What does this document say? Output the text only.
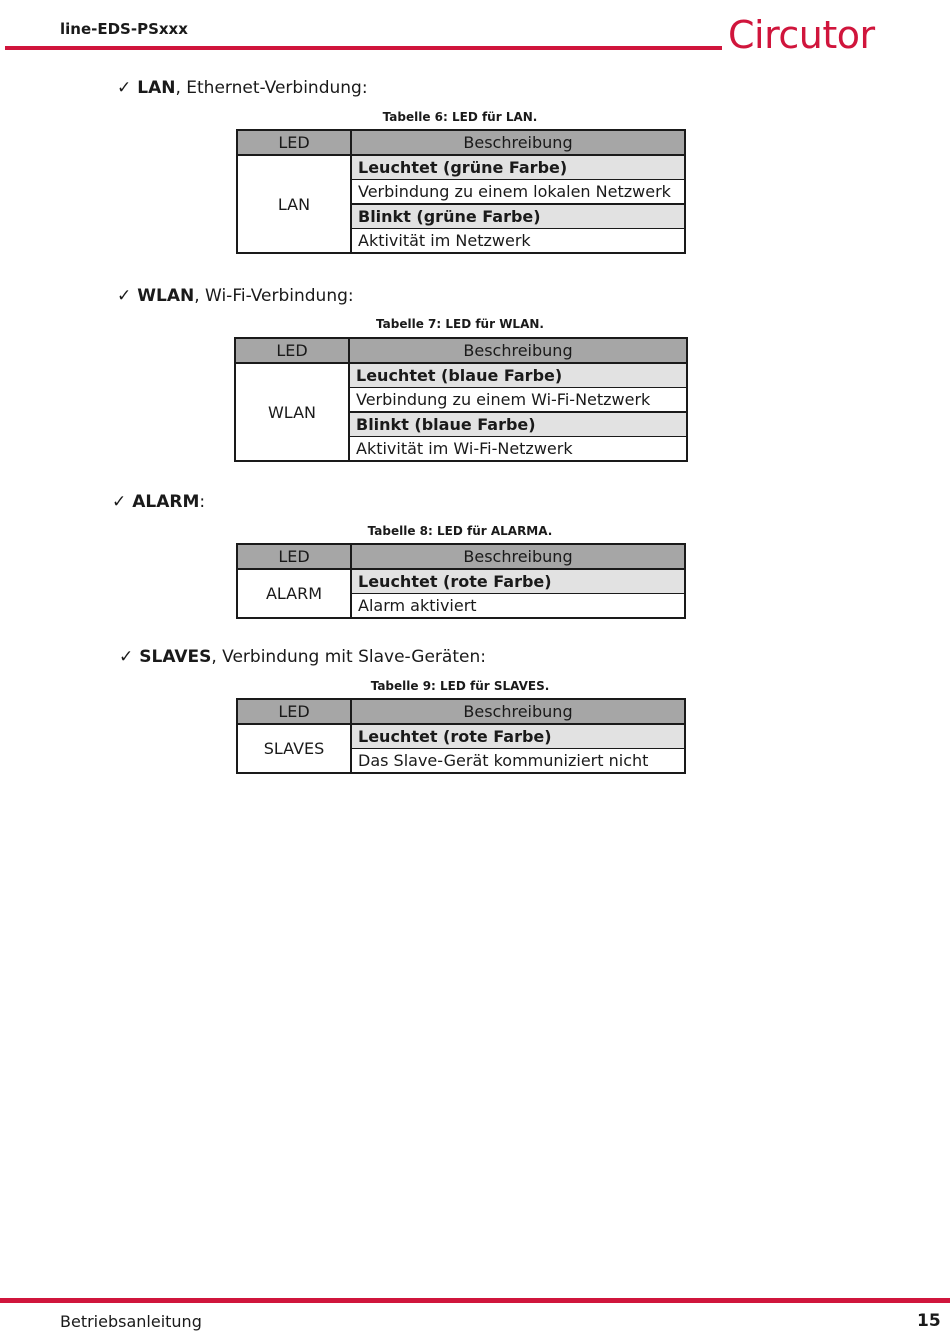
line-EDS-PSxxx	Circutor
✓ LAN, Ethernet-Verbindung:
Tabelle 6: LED für LAN.
LED	Beschreibung
LAN	Leuchtet (grüne Farbe)
	Verbindung zu einem lokalen Netzwerk
	Blinkt (grüne Farbe)
	Aktivität im Netzwerk
✓ WLAN, Wi-Fi-Verbindung:
Tabelle 7: LED für WLAN.
LED	Beschreibung
WLAN	Leuchtet (blaue Farbe)
	Verbindung zu einem Wi-Fi-Netzwerk
	Blinkt (blaue Farbe)
	Aktivität im Wi-Fi-Netzwerk
✓ ALARM:
Tabelle 8: LED für ALARMA.
LED	Beschreibung
ALARM	Leuchtet (rote Farbe)
	Alarm aktiviert
✓ SLAVES, Verbindung mit Slave-Geräten:
Tabelle 9: LED für SLAVES.
LED	Beschreibung
SLAVES	Leuchtet (rote Farbe)
	Das Slave-Gerät kommuniziert nicht
Betriebsanleitung	15
